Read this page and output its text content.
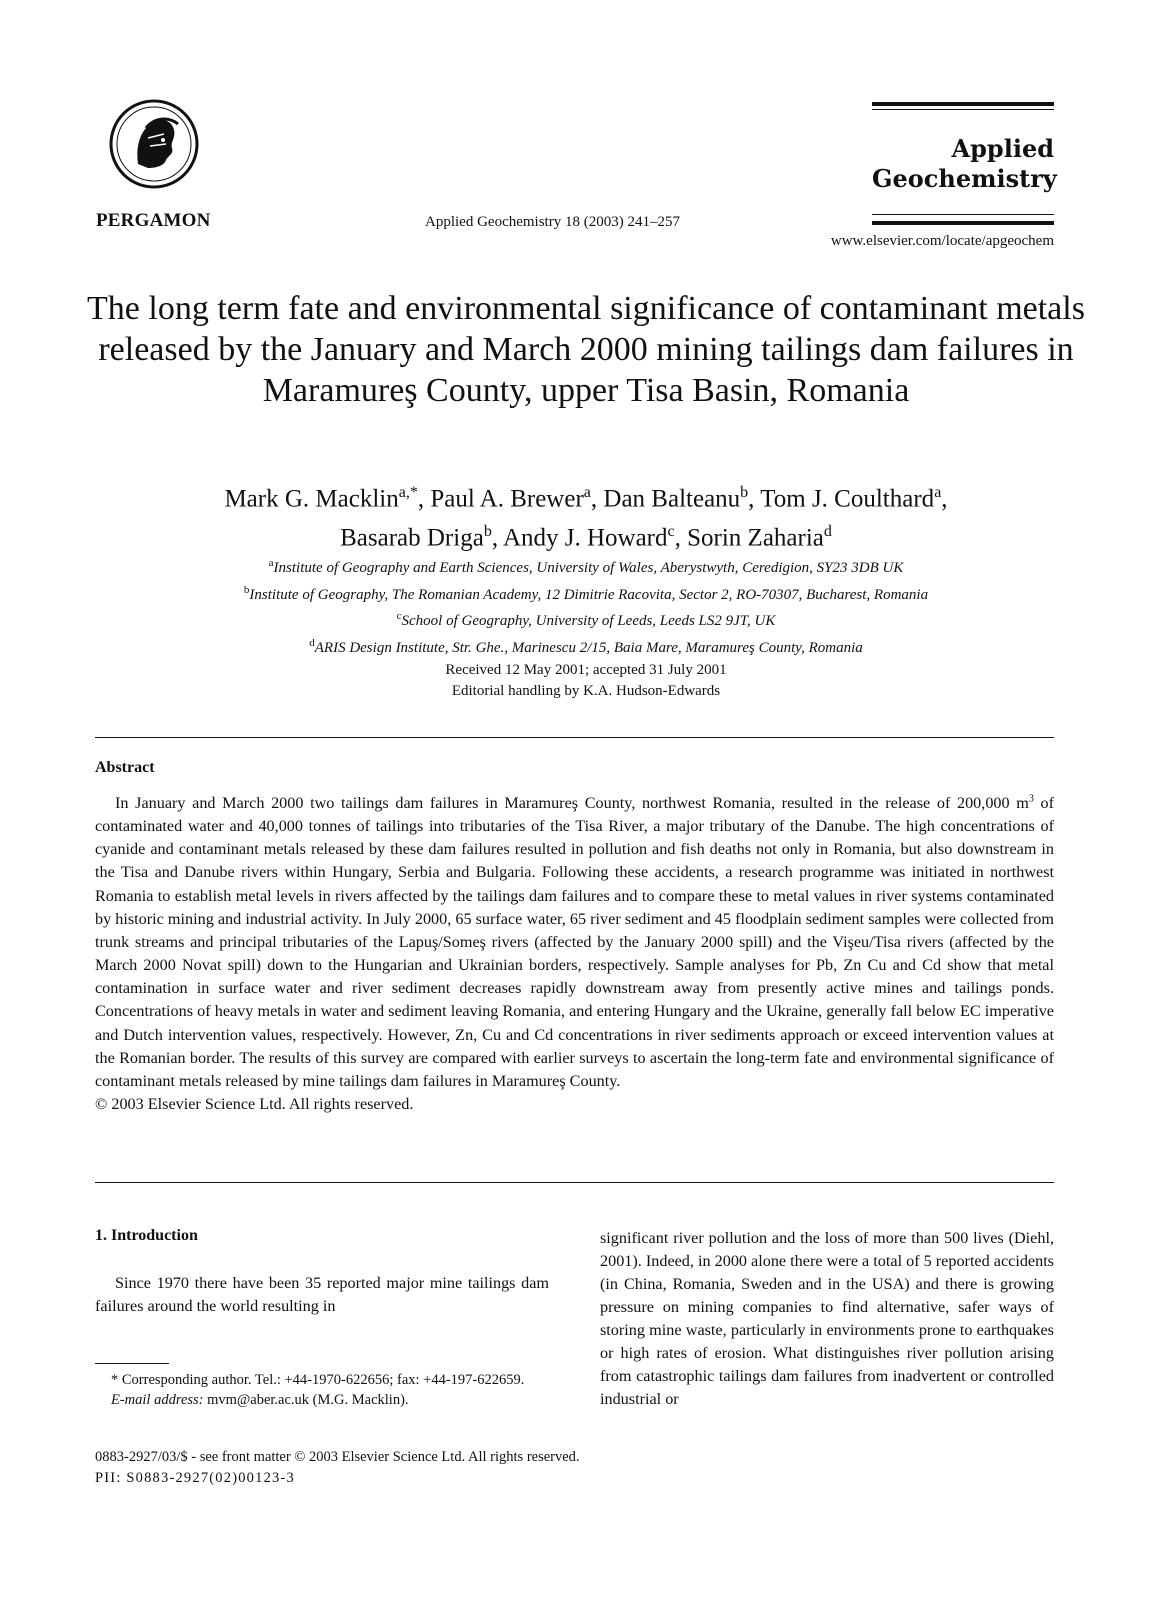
PERGAMON	Applied Geochemistry 18 (2003) 241–257
Applied
Geochemistry
www.elsevier.com/locate/apgeochem
The long term fate and environmental significance of contaminant metals released by the January and March 2000 mining tailings dam failures in Maramureş County, upper Tisa Basin, Romania
Mark G. Macklin$^{a,*}$, Paul A. Brewer$^a$, Dan Balteanu$^b$, Tom J. Coulthard$^a$,
Basarab Driga$^b$, Andy J. Howard$^c$, Sorin Zaharia$^d$
$^a$Institute of Geography and Earth Sciences, University of Wales, Aberystwyth, Ceredigion, SY23 3DB UK
$^b$Institute of Geography, The Romanian Academy, 12 Dimitrie Racovita, Sector 2, RO-70307, Bucharest, Romania
$^c$School of Geography, University of Leeds, Leeds LS2 9JT, UK
$^d$ARIS Design Institute, Str. Ghe., Marinescu 2/15, Baia Mare, Maramureş County, Romania
Received 12 May 2001; accepted 31 July 2001
Editorial handling by K.A. Hudson-Edwards
Abstract
In January and March 2000 two tailings dam failures in Maramureş County, northwest Romania, resulted in the release of 200,000 $m^3$ of contaminated water and 40,000 tonnes of tailings into tributaries of the Tisa River, a major tributary of the Danube. The high concentrations of cyanide and contaminant metals released by these dam failures resulted in pollution and fish deaths not only in Romania, but also downstream in the Tisa and Danube rivers within Hungary, Serbia and Bulgaria. Following these accidents, a research programme was initiated in northwest Romania to establish metal levels in rivers affected by the tailings dam failures and to compare these to metal values in river systems contaminated by historic mining and industrial activity. In July 2000, 65 surface water, 65 river sediment and 45 floodplain sediment samples were collected from trunk streams and principal tributaries of the Lapuş/Someş rivers (affected by the January 2000 spill) and the Vişeu/Tisa rivers (affected by the March 2000 Novat spill) down to the Hungarian and Ukrainian borders, respectively. Sample analyses for Pb, Zn Cu and Cd show that metal contamination in surface water and river sediment decreases rapidly downstream away from presently active mines and tailings ponds. Concentrations of heavy metals in water and sediment leaving Romania, and entering Hungary and the Ukraine, generally fall below EC imperative and Dutch intervention values, respectively. However, Zn, Cu and Cd concentrations in river sediments approach or exceed intervention values at the Romanian border. The results of this survey are compared with earlier surveys to ascertain the long-term fate and environmental significance of contaminant metals released by mine tailings dam failures in Maramureş County.
© 2003 Elsevier Science Ltd. All rights reserved.
1. Introduction
Since 1970 there have been 35 reported major mine tailings dam failures around the world resulting in
significant river pollution and the loss of more than 500 lives (Diehl, 2001). Indeed, in 2000 alone there were a total of 5 reported accidents (in China, Romania, Sweden and in the USA) and there is growing pressure on mining companies to find alternative, safer ways of storing mine waste, particularly in environments prone to earthquakes or high rates of erosion. What distinguishes river pollution arising from catastrophic tailings dam failures from inadvertent or controlled industrial or
* Corresponding author. Tel.: +44-1970-622656; fax: +44-197-622659.
E-mail address: mvm@aber.ac.uk (M.G. Macklin).
0883-2927/03/$ - see front matter © 2003 Elsevier Science Ltd. All rights reserved.
PII: S0883-2927(02)00123-3
